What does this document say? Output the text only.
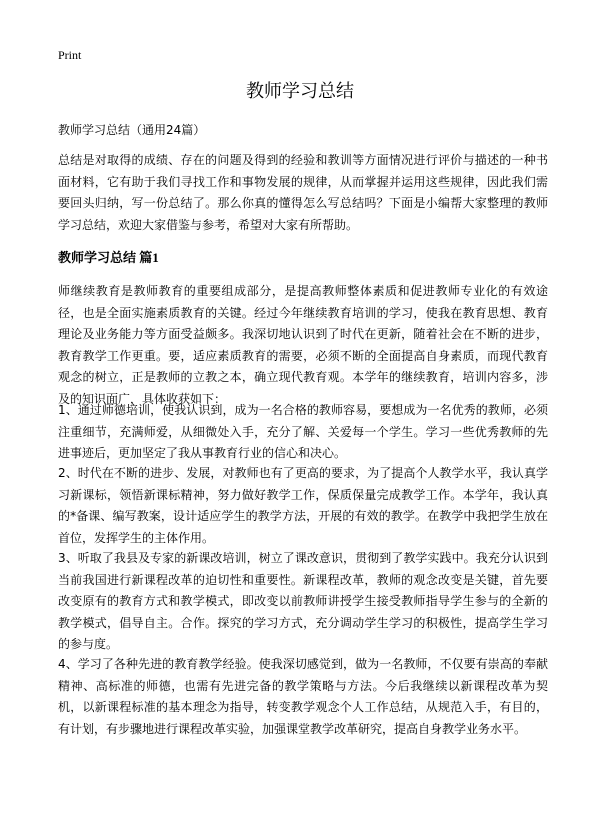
Print
教师学习总结

教师学习总结（通用24篇）

总结是对取得的成绩、存在的问题及得到的经验和教训等方面情况进行评价与描述的一种书面材料，它有助于我们寻找工作和事物发展的规律，从而掌握并运用这些规律，因此我们需要回头归纳，写一份总结了。那么你真的懂得怎么写总结吗？下面是小编帮大家整理的教师学习总结，欢迎大家借鉴与参考，希望对大家有所帮助。

教师学习总结 篇1

师继续教育是教师教育的重要组成部分，是提高教师整体素质和促进教师专业化的有效途径，也是全面实施素质教育的关键。经过今年继续教育培训的学习，使我在教育思想、教育理论及业务能力等方面受益颇多。我深切地认识到了时代在更新，随着社会在不断的进步，教育教学工作更重。要，适应素质教育的需要，必须不断的全面提高自身素质，而现代教育观念的树立，正是教师的立教之本，确立现代教育观。本学年的继续教育，培训内容多，涉及的知识面广，具体收获如下：

1、通过师德培训，使我认识到，成为一名合格的教师容易，要想成为一名优秀的教师，必须注重细节，充满师爱，从细微处入手，充分了解、关爱每一个学生。学习一些优秀教师的先进事迹后，更加坚定了我从事教育行业的信心和决心。

2、时代在不断的进步、发展，对教师也有了更高的要求，为了提高个人教学水平，我认真学习新课标，领悟新课标精神，努力做好教学工作，保质保量完成教学工作。本学年，我认真的*备课、编写教案，设计适应学生的教学方法，开展的有效的教学。在教学中我把学生放在首位，发挥学生的主体作用。

3、听取了我县及专家的新课改培训，树立了课改意识，贯彻到了教学实践中。我充分认识到当前我国进行新课程改革的迫切性和重要性。新课程改革，教师的观念改变是关键，首先要改变原有的教育方式和教学模式，即改变以前教师讲授学生接受教师指导学生参与的全新的教学模式，倡导自主。合作。探究的学习方式，充分调动学生学习的积极性，提高学生学习的参与度。

4、学习了各种先进的教育教学经验。使我深切感觉到，做为一名教师，不仅要有崇高的奉献精神、高标准的师德，也需有先进完备的教学策略与方法。今后我继续以新课程改革为契机，以新课程标准的基本理念为指导，转变教学观念个人工作总结，从规范入手，有目的，有计划，有步骤地进行课程改革实验，加强课堂教学改革研究，提高自身教学业务水平。
